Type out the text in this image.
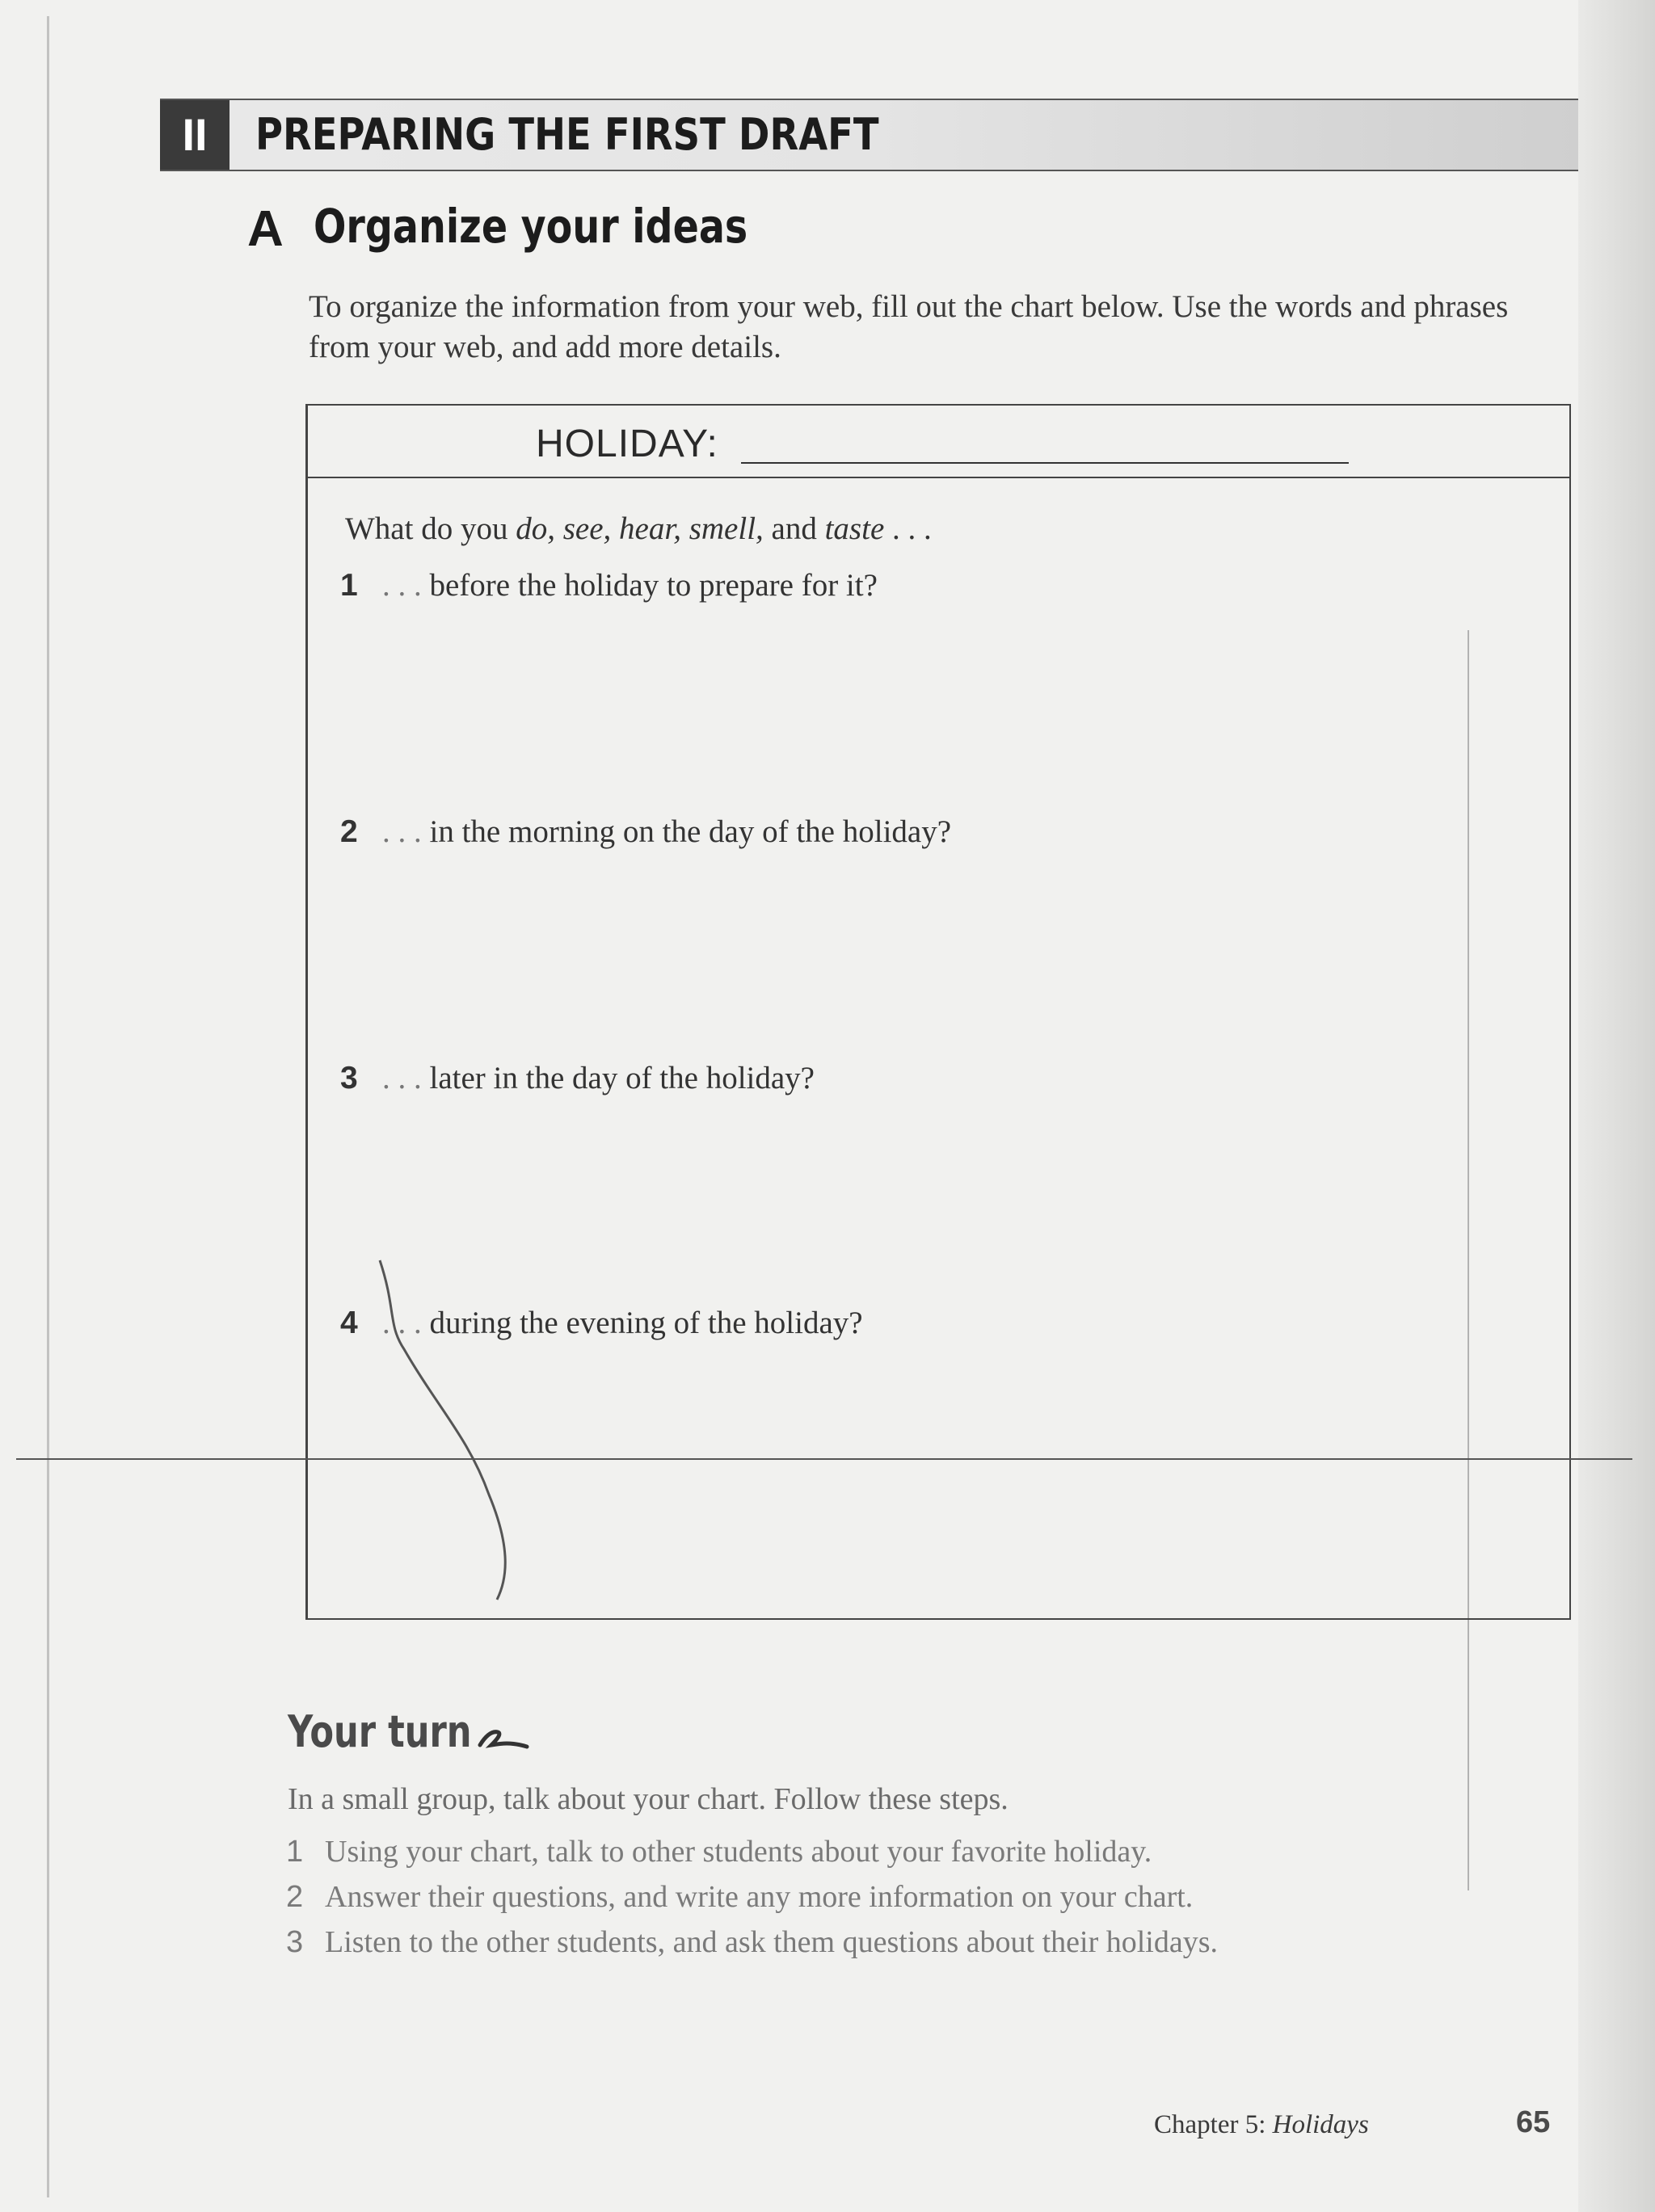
II	PREPARING THE FIRST DRAFT
A Organize your ideas
To organize the information from your web, fill out the chart below. Use the words and phrases from your web, and add more details.
HOLIDAY:
What do you do, see, hear, smell, and taste . . .
1 . . . before the holiday to prepare for it?
2 . . . in the morning on the day of the holiday?
3 . . . later in the day of the holiday?
4 . . . during the evening of the holiday?
Your turn
In a small group, talk about your chart. Follow these steps.
1 Using your chart, talk to other students about your favorite holiday.
2 Answer their questions, and write any more information on your chart.
3 Listen to the other students, and ask them questions about their holidays.
Chapter 5: Holidays	65
